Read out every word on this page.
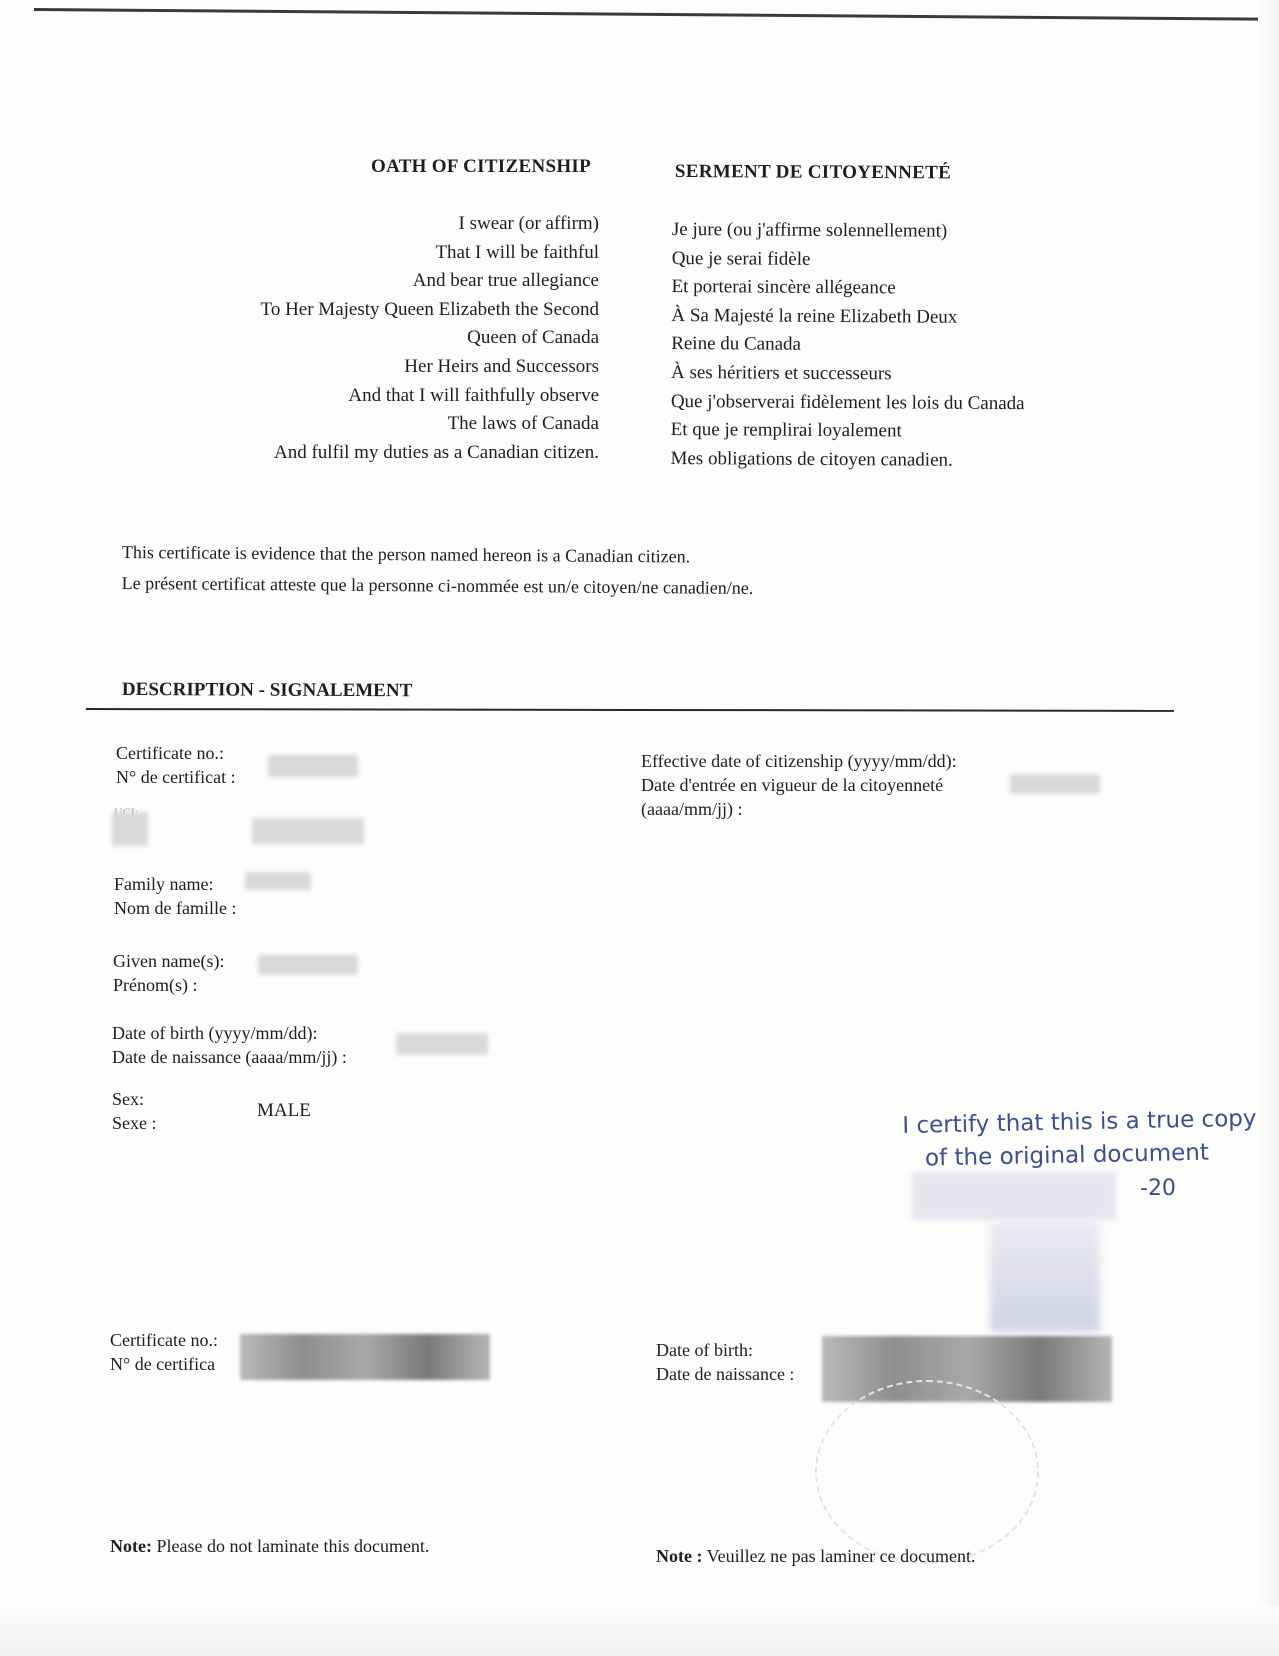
OATH OF CITIZENSHIP	SERMENT DE CITOYENNETÉ
I swear (or affirm)
That I will be faithful
And bear true allegiance
To Her Majesty Queen Elizabeth the Second
Queen of Canada
Her Heirs and Successors
And that I will faithfully observe
The laws of Canada
And fulfil my duties as a Canadian citizen.
Je jure (ou j'affirme solennellement)
Que je serai fidèle
Et porterai sincère allégeance
À Sa Majesté la reine Elizabeth Deux
Reine du Canada
À ses héritiers et successeurs
Que j'observerai fidèlement les lois du Canada
Et que je remplirai loyalement
Mes obligations de citoyen canadien.
This certificate is evidence that the person named hereon is a Canadian citizen.
Le présent certificat atteste que la personne ci-nommée est un/e citoyen/ne canadien/ne.
DESCRIPTION - SIGNALEMENT
Certificate no.:
N° de certificat :
Family name:
Nom de famille :
Given name(s):
Prénom(s) :
Date of birth (yyyy/mm/dd):
Date de naissance (aaaa/mm/jj) :
Sex:
Sexe :
MALE
Effective date of citizenship (yyyy/mm/dd):
Date d'entrée en vigueur de la citoyenneté
(aaaa/mm/jj) :
I certify that this is a true copy
of the original document
-20
Certificate no.:
N° de certifica
Date of birth:
Date de naissance :
Note: Please do not laminate this document.	Note : Veuillez ne pas laminer ce document.
